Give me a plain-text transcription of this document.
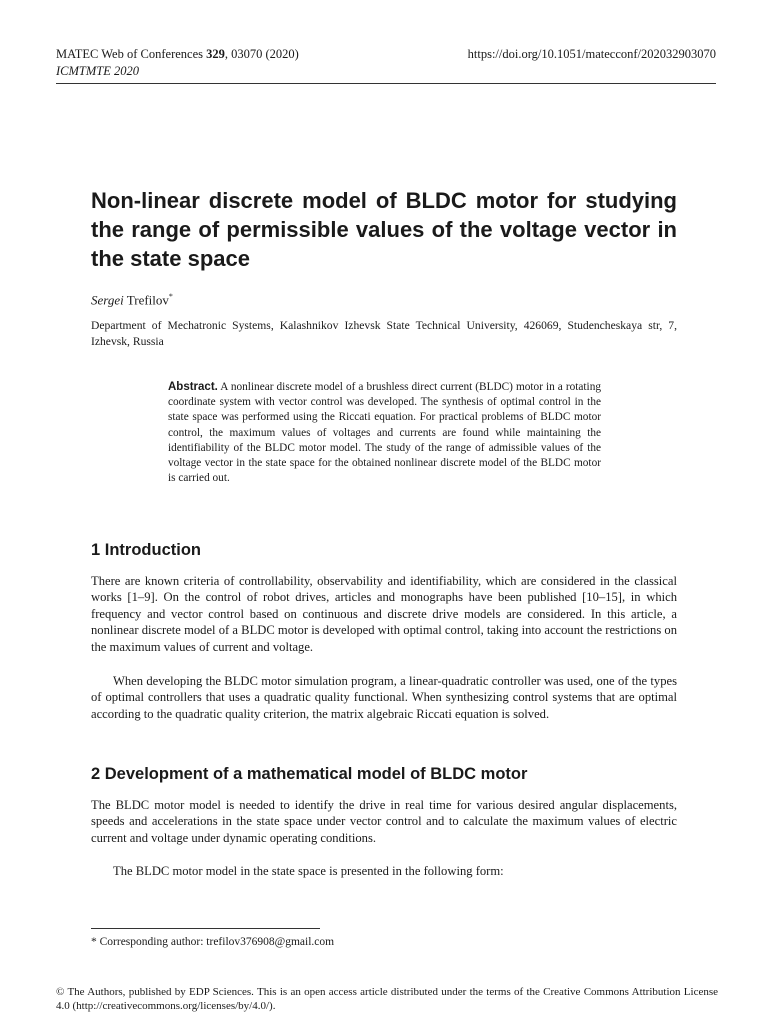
MATEC Web of Conferences 329, 03070 (2020)
ICMTMTE 2020
https://doi.org/10.1051/matecconf/202032903070
Non-linear discrete model of BLDC motor for studying the range of permissible values of the voltage vector in the state space
Sergei Trefilov*
Department of Mechatronic Systems, Kalashnikov Izhevsk State Technical University, 426069, Studencheskaya str, 7, Izhevsk, Russia
Abstract. A nonlinear discrete model of a brushless direct current (BLDC) motor in a rotating coordinate system with vector control was developed. The synthesis of optimal control in the state space was performed using the Riccati equation. For practical problems of BLDC motor control, the maximum values of voltages and currents are found while maintaining the identifiability of the BLDC motor model. The study of the range of admissible values of the voltage vector in the state space for the obtained nonlinear discrete model of the BLDC motor is carried out.
1 Introduction

There are known criteria of controllability, observability and identifiability, which are considered in the classical works [1–9]. On the control of robot drives, articles and monographs have been published [10–15], in which frequency and vector control based on continuous and discrete drive models are considered. In this article, a nonlinear discrete model of a BLDC motor is developed with optimal control, taking into account the restrictions on the maximum values of current and voltage.

When developing the BLDC motor simulation program, a linear-quadratic controller was used, one of the types of optimal controllers that uses a quadratic quality functional. When synthesizing control systems that are optimal according to the quadratic quality criterion, the matrix algebraic Riccati equation is solved.

2 Development of a mathematical model of BLDC motor

The BLDC motor model is needed to identify the drive in real time for various desired angular displacements, speeds and accelerations in the state space under vector control and to calculate the maximum values of electric current and voltage under dynamic operating conditions.

The BLDC motor model in the state space is presented in the following form:

* Corresponding author: trefilov376908@gmail.com
© The Authors, published by EDP Sciences. This is an open access article distributed under the terms of the Creative Commons Attribution License 4.0 (http://creativecommons.org/licenses/by/4.0/).
